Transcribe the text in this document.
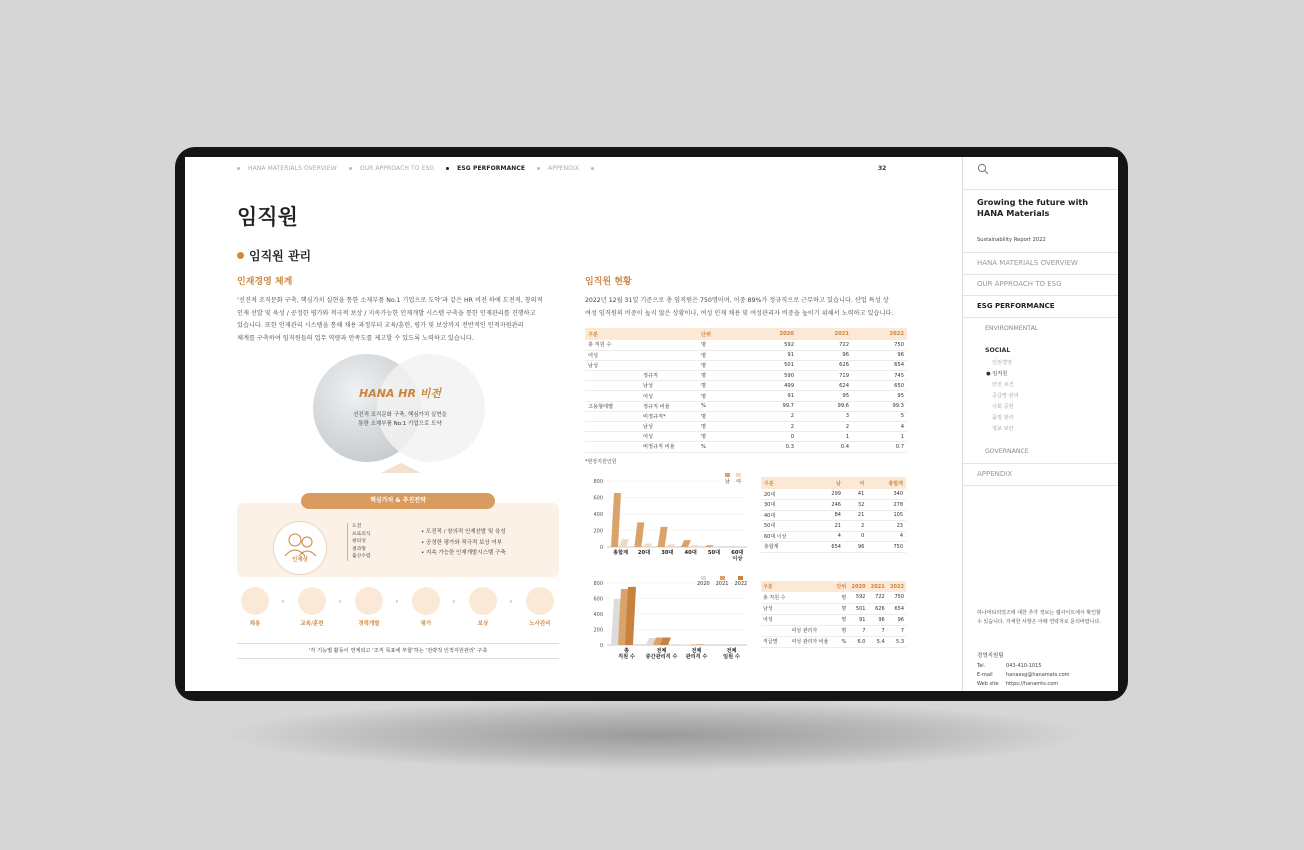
HANA MATERIALS OVERVIEW	OUR APPROACH TO ESG	ESG PERFORMANCE	APPENDIX	32
임직원
임직원 관리
인재경영 체계
‘선진적 조직문화 구축, 핵심가치 실현을 통한 소재부품 No.1 기업으로 도약’과 같은 HR 비전 하에 도전적, 창의적
인재 선발 및 육성 / 공정한 평가와 적극적 보상 / 지속가능한 인재개발 시스템 구축을 통한 인재관리를 진행하고
있습니다. 또한 인재관리 시스템을 통해 채용 과정부터 교육/훈련, 평가 및 보상까지 전반적인 인적자원관리
체계를 구축하여 임직원들의 업무 역량과 만족도를 제고할 수 있도록 노력하고 있습니다.
HANA HR 비전
선진적 조직문화 구축, 핵심가치 실현을
통한 소재부품 No.1 기업으로 도약
핵심가치 & 추진전략
인재상
도전
프로의식
창의성
결과형
출산수렴
• 도전적 / 창의적 인재선발 및 육성
• 공정한 평가와 적극적 보상 여부
• 지속 가능한 인재개발시스템 구축
채용
›
교육/훈련
›
경력개발
›
평가
›
보상
›
노사관리
‘각 기능별 활동이 연계되고 ‘조직 목표에 부합’하는 ‘전략적 인적자원관리’ 구축
임직원 현황
2022년 12월 31일 기준으로 총 임직원은 750명이며, 이중 89%가 정규직으로 근무하고 있습니다. 산업 특성 상
여성 임직원의 비중이 높지 않은 상황이나, 여성 인재 채용 및 여성관리자 비중을 높이기 위해서 노력하고 있습니다.
구분		단위	2020	2021	2022
총 직원 수		명	592	722	750
여성		명	91	96	96
남성		명	501	626	654
	정규직	명	590	719	745
	남성	명	499	624	650
	여성	명	91	95	95
고용형태별	정규직 비율	%	99.7	99.6	99.3
	비정규직*	명	2	3	5
	남성	명	2	2	4
	여성	명	0	1	1
	비정규직 비율	%	0.3	0.4	0.7
*현장지원인원
0
200
400
600
800
총합계 20대 30대 40대 50대 60대
이상
남 여	구분	남	여	총합계
20대	299	41	340
30대	246	32	278
40대	84	21	105
50대	21	2	23
60대 이상	4	0	4
총합계	654	96	750
0
200
400
600
800
총
직원 수
전체
중간관리직 수
전체
관리직 수
전체
임원 수
2020 2021 2022	구분		단위	2020	2021	2022
총 직원 수		명	592	722	750
남성		명	501	626	654
여성		명	91	96	96
	여성 관리자	명	7	7	7
직급별	여성 관리자 비율	%	6.0	5.4	5.3
Growing the future with HANA Materials
Sustainability Report 2022
HANA MATERIALS OVERVIEW
OUR APPROACH TO ESG
ESG PERFORMANCE
ENVIRONMENTAL
SOCIAL
인권경영
● 임직원
안전 보건
공급망 관리
사회 공헌
품질 관리
정보 보안
GOVERNANCE
APPENDIX
하나머티리얼즈에 대한 추가 정보는 웹사이트에서 확인할 수 있습니다. 자세한 사항은 아래 연락처로 문의바랍니다.
경영지원팀
Tel.	043-410-1015
E-mail	hanaesg@hanamats.com
Web site	https://hanamts.com
